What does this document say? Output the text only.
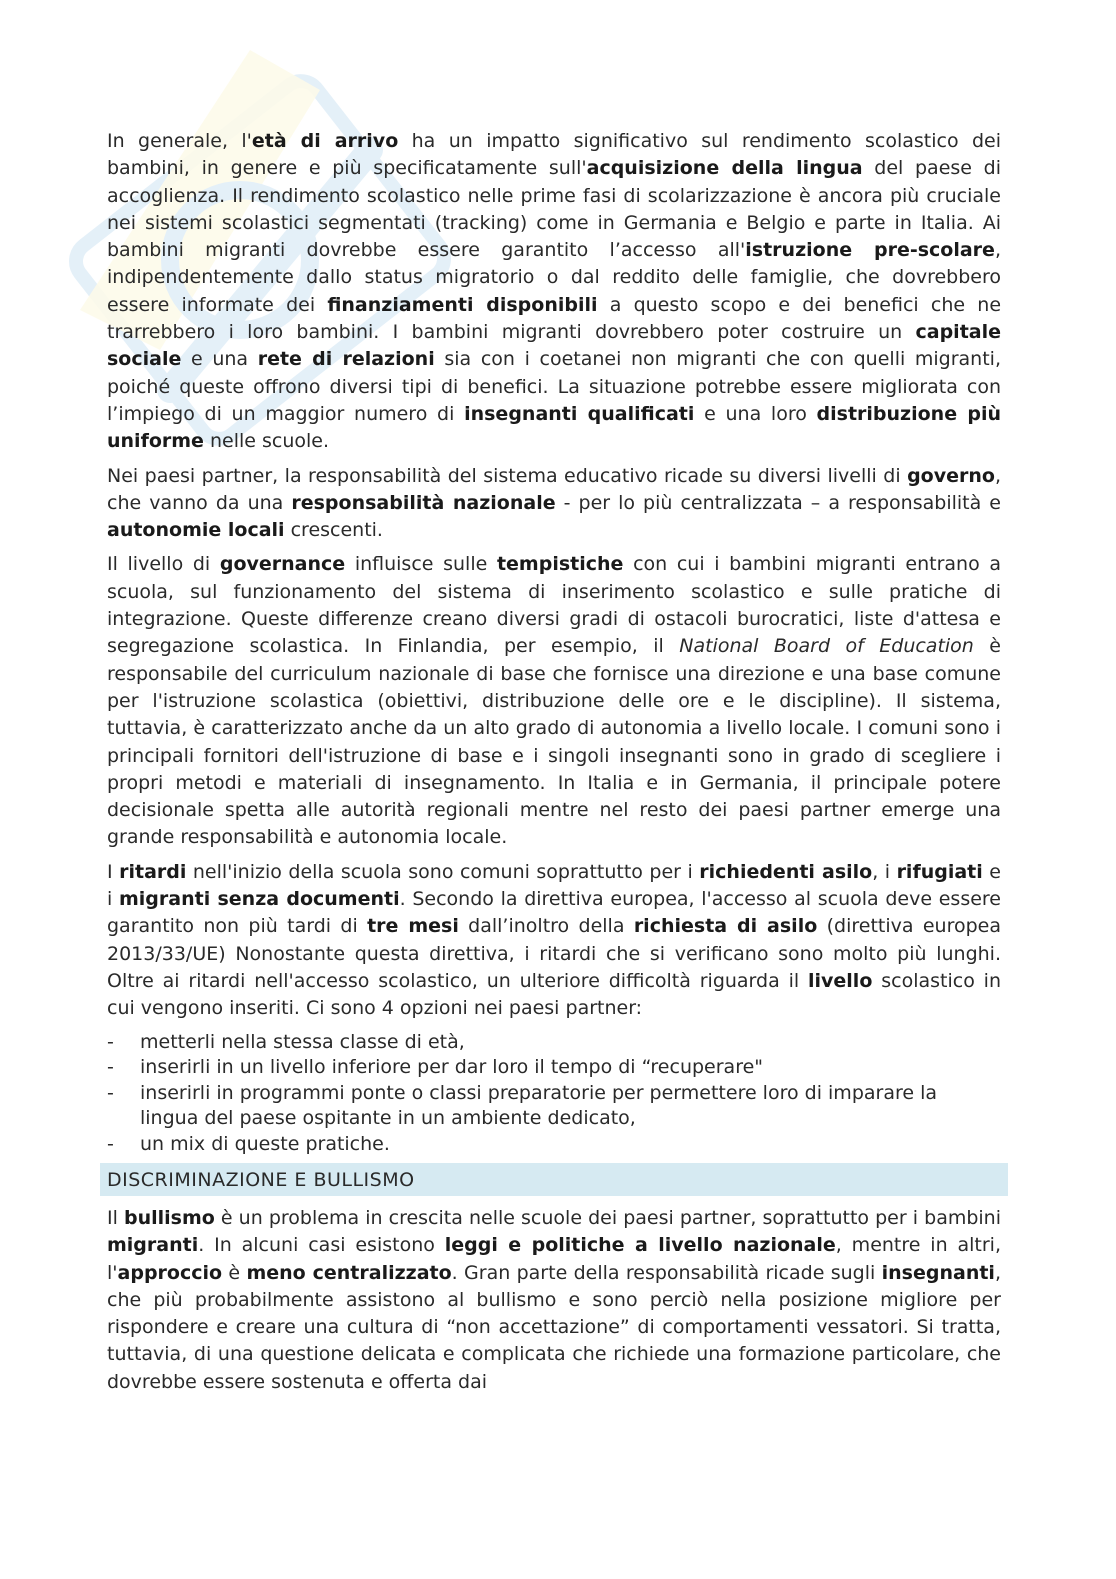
In generale, l'età di arrivo ha un impatto significativo sul rendimento scolastico dei bambini, in genere e più specificatamente sull'acquisizione della lingua del paese di accoglienza. Il rendimento scolastico nelle prime fasi di scolarizzazione è ancora più cruciale nei sistemi scolastici segmentati (tracking) come in Germania e Belgio e parte in Italia. Ai bambini migranti dovrebbe essere garantito l’accesso all'istruzione pre-scolare, indipendentemente dallo status migratorio o dal reddito delle famiglie, che dovrebbero essere informate dei finanziamenti disponibili a questo scopo e dei benefici che ne trarrebbero i loro bambini. I bambini migranti dovrebbero poter costruire un capitale sociale e una rete di relazioni sia con i coetanei non migranti che con quelli migranti, poiché queste offrono diversi tipi di benefici. La situazione potrebbe essere migliorata con l’impiego di un maggior numero di insegnanti qualificati e una loro distribuzione più uniforme nelle scuole.

Nei paesi partner, la responsabilità del sistema educativo ricade su diversi livelli di governo, che vanno da una responsabilità nazionale - per lo più centralizzata – a responsabilità e autonomie locali crescenti.

Il livello di governance influisce sulle tempistiche con cui i bambini migranti entrano a scuola, sul funzionamento del sistema di inserimento scolastico e sulle pratiche di integrazione. Queste differenze creano diversi gradi di ostacoli burocratici, liste d'attesa e segregazione scolastica. In Finlandia, per esempio, il National Board of Education è responsabile del curriculum nazionale di base che fornisce una direzione e una base comune per l'istruzione scolastica (obiettivi, distribuzione delle ore e le discipline). Il sistema, tuttavia, è caratterizzato anche da un alto grado di autonomia a livello locale. I comuni sono i principali fornitori dell'istruzione di base e i singoli insegnanti sono in grado di scegliere i propri metodi e materiali di insegnamento. In Italia e in Germania, il principale potere decisionale spetta alle autorità regionali mentre nel resto dei paesi partner emerge una grande responsabilità e autonomia locale.

I ritardi nell'inizio della scuola sono comuni soprattutto per i richiedenti asilo, i rifugiati e i migranti senza documenti. Secondo la direttiva europea, l'accesso al scuola deve essere garantito non più tardi di tre mesi dall’inoltro della richiesta di asilo (direttiva europea 2013/33/UE) Nonostante questa direttiva, i ritardi che si verificano sono molto più lunghi. Oltre ai ritardi nell'accesso scolastico, un ulteriore difficoltà riguarda il livello scolastico in cui vengono inseriti. Ci sono 4 opzioni nei paesi partner:

- metterli nella stessa classe di età,
- inserirli in un livello inferiore per dar loro il tempo di “recuperare"
- inserirli in programmi ponte o classi preparatorie per permettere loro di imparare la lingua del paese ospitante in un ambiente dedicato,
- un mix di queste pratiche.
DISCRIMINAZIONE E BULLISMO

Il bullismo è un problema in crescita nelle scuole dei paesi partner, soprattutto per i bambini migranti. In alcuni casi esistono leggi e politiche a livello nazionale, mentre in altri, l'approccio è meno centralizzato. Gran parte della responsabilità ricade sugli insegnanti, che più probabilmente assistono al bullismo e sono perciò nella posizione migliore per rispondere e creare una cultura di “non accettazione” di comportamenti vessatori. Si tratta, tuttavia, di una questione delicata e complicata che richiede una formazione particolare, che dovrebbe essere sostenuta e offerta dai
